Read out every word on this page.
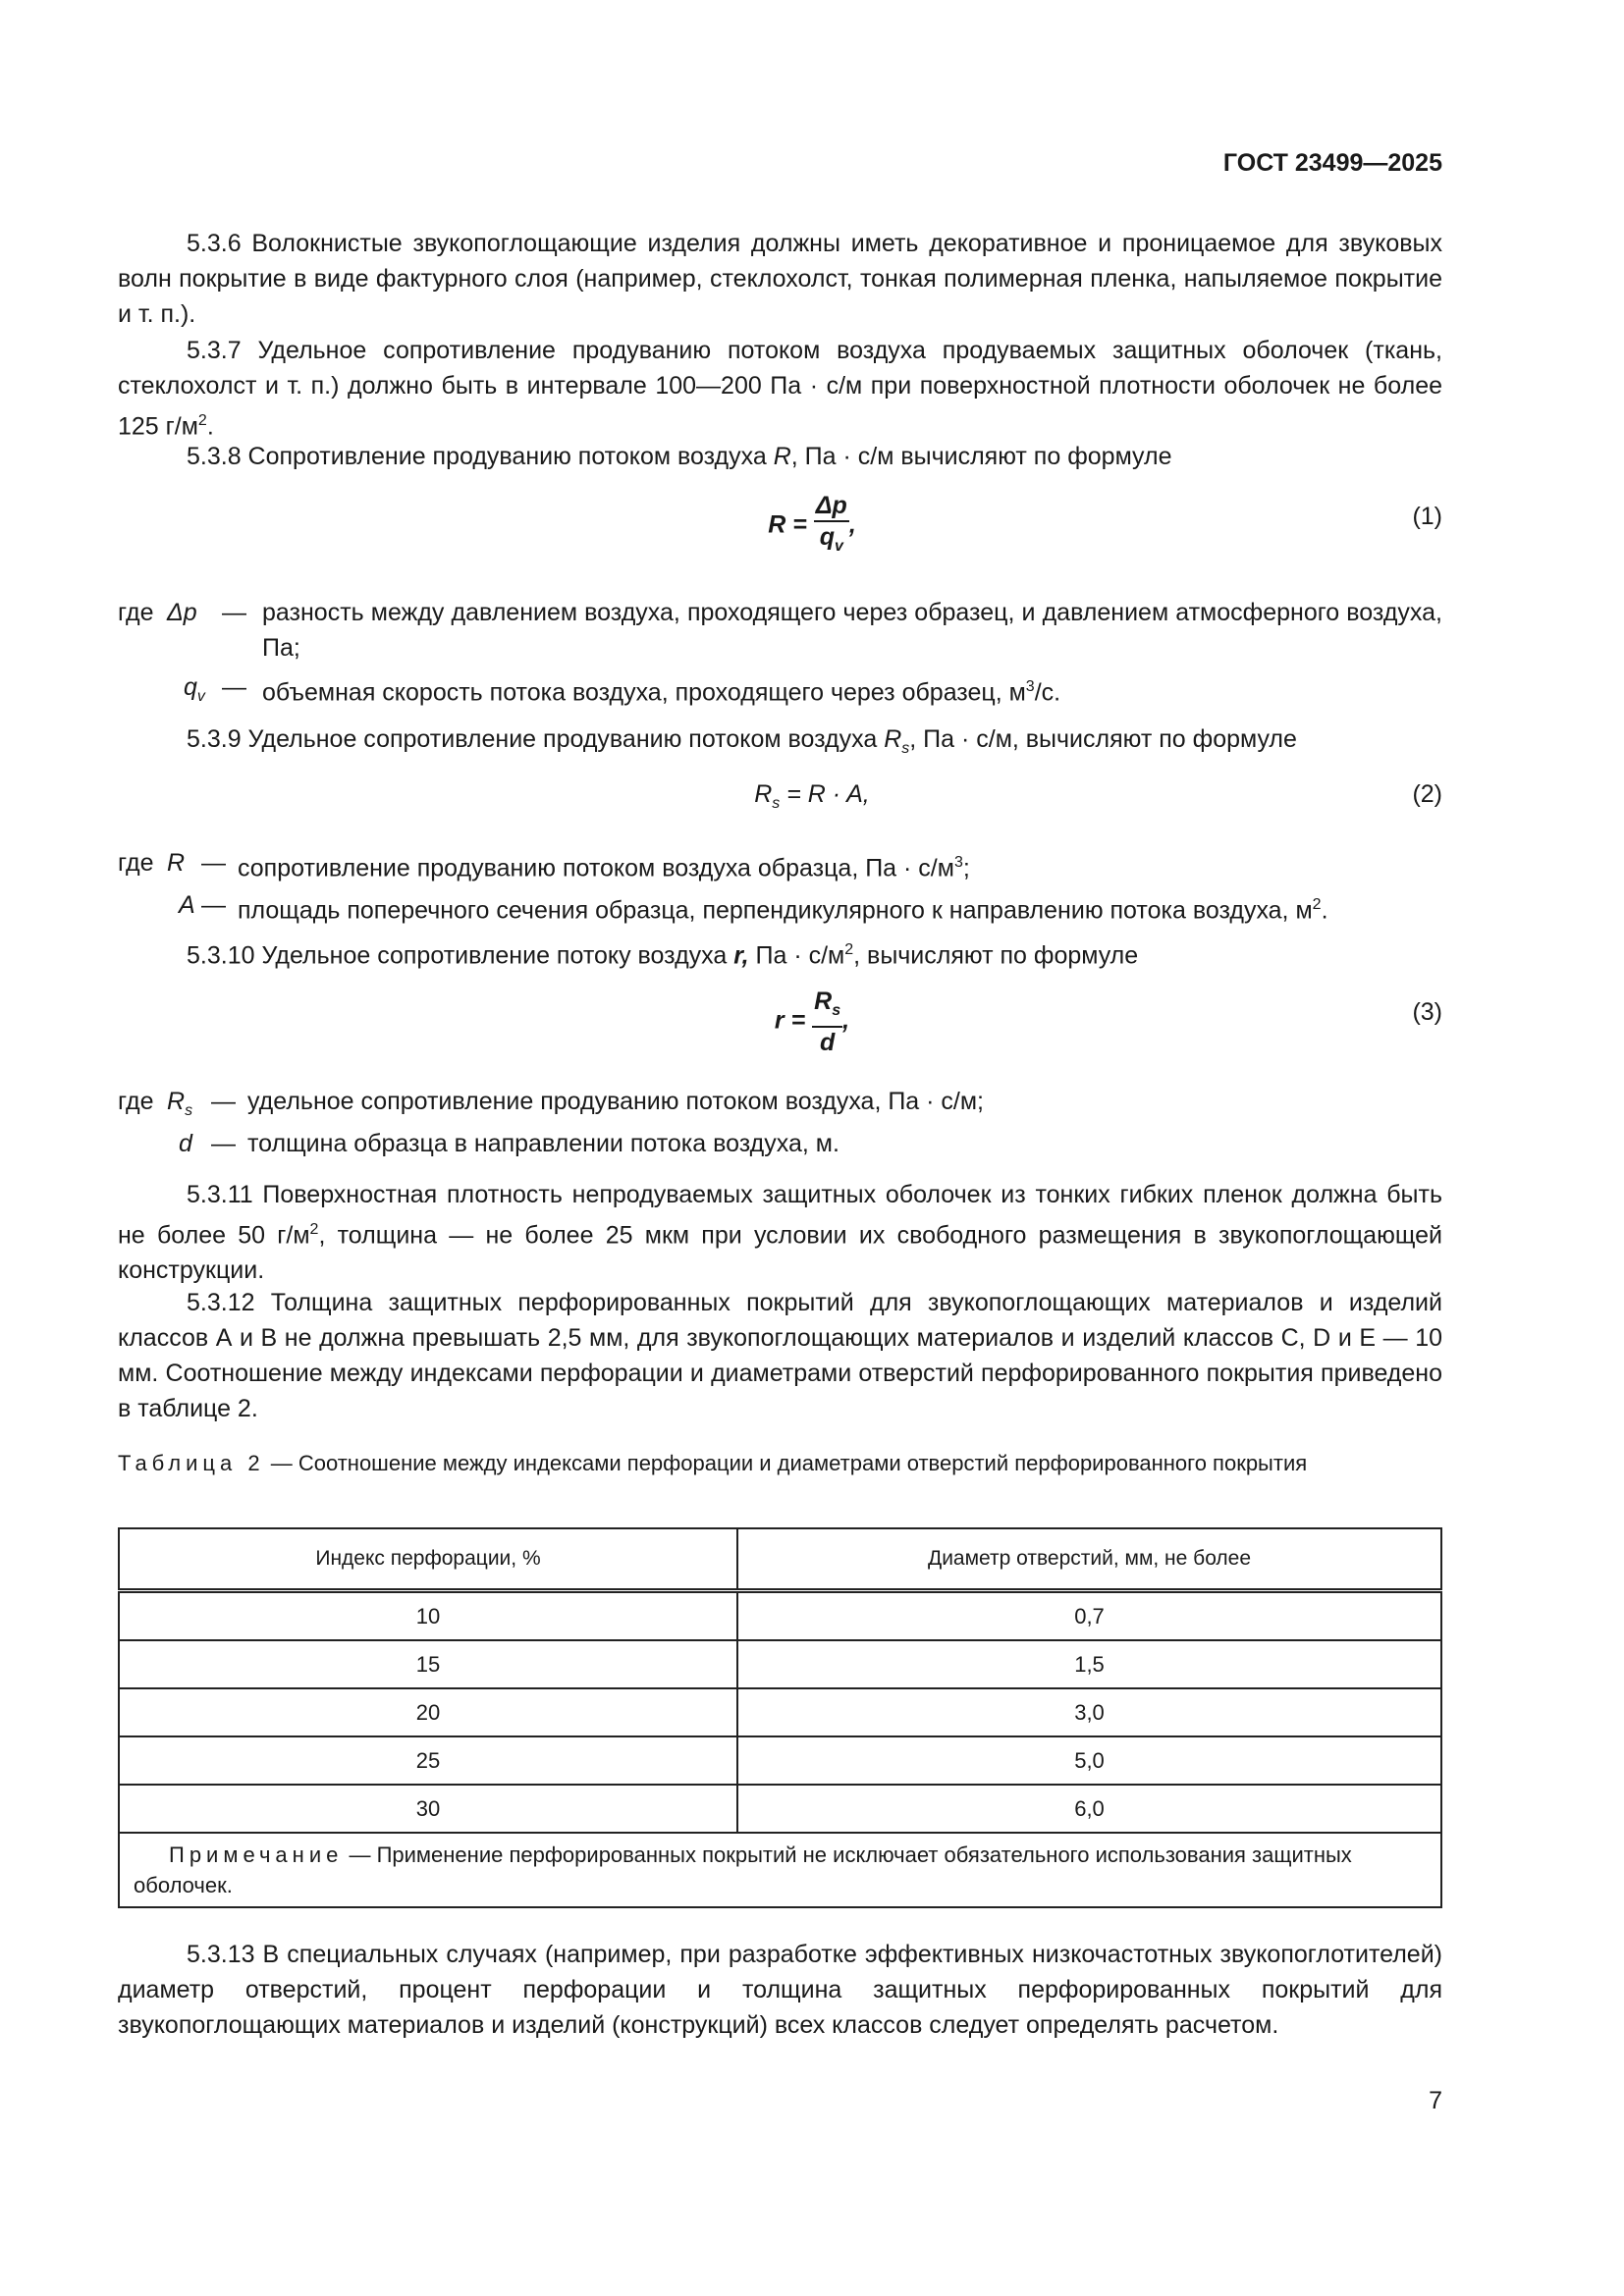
ГОСТ 23499—2025
5.3.6 Волокнистые звукопоглощающие изделия должны иметь декоративное и проницаемое для звуковых волн покрытие в виде фактурного слоя (например, стеклохолст, тонкая полимерная пленка, напыляемое покрытие и т. п.).
5.3.7 Удельное сопротивление продуванию потоком воздуха продуваемых защитных оболочек (ткань, стеклохолст и т. п.) должно быть в интервале 100—200 Па · с/м при поверхностной плотности оболочек не более 125 $г/м^2$.
5.3.8 Сопротивление продуванию потоком воздуха R, Па · с/м вычисляют по формуле
$R = \frac{\Delta p}{q_v}$ ,	(1)
где Δp — разность между давлением воздуха, проходящего через образец, и давлением атмосферного воздуха, Па;
$q_v$ — объемная скорость потока воздуха, проходящего через образец, $м^3/с$.
5.3.9 Удельное сопротивление продуванию потоком воздуха $R_s$, Па · с/м, вычисляют по формуле
$R_s = R \cdot A$,	(2)
где R — сопротивление продуванию потоком воздуха образца, Па · $с/м^3$;
A — площадь поперечного сечения образца, перпендикулярного к направлению потока воздуха, $м^2$.
5.3.10 Удельное сопротивление потоку воздуха r, Па · $с/м^2$, вычисляют по формуле
$r = \frac{R_s}{d}$ ,	(3)
где $R_s$ — удельное сопротивление продуванию потоком воздуха, Па · с/м;
d — толщина образца в направлении потока воздуха, м.
5.3.11 Поверхностная плотность непродуваемых защитных оболочек из тонких гибких пленок должна быть не более 50 $г/м^2$, толщина — не более 25 мкм при условии их свободного размещения в звукопоглощающей конструкции.
5.3.12 Толщина защитных перфорированных покрытий для звукопоглощающих материалов и изделий классов А и В не должна превышать 2,5 мм, для звукопоглощающих материалов и изделий классов С, D и Е — 10 мм. Соотношение между индексами перфорации и диаметрами отверстий перфорированного покрытия приведено в таблице 2.
Таблица 2 — Соотношение между индексами перфорации и диаметрами отверстий перфорированного покрытия
Индекс перфорации, %	Диаметр отверстий, мм, не более
10	0,7
15	1,5
20	3,0
25	5,0
30	6,0
Примечание — Применение перфорированных покрытий не исключает обязательного использования защитных оболочек.	
5.3.13 В специальных случаях (например, при разработке эффективных низкочастотных звукопоглотителей) диаметр отверстий, процент перфорации и толщина защитных перфорированных покрытий для звукопоглощающих материалов и изделий (конструкций) всех классов следует определять расчетом.
7
